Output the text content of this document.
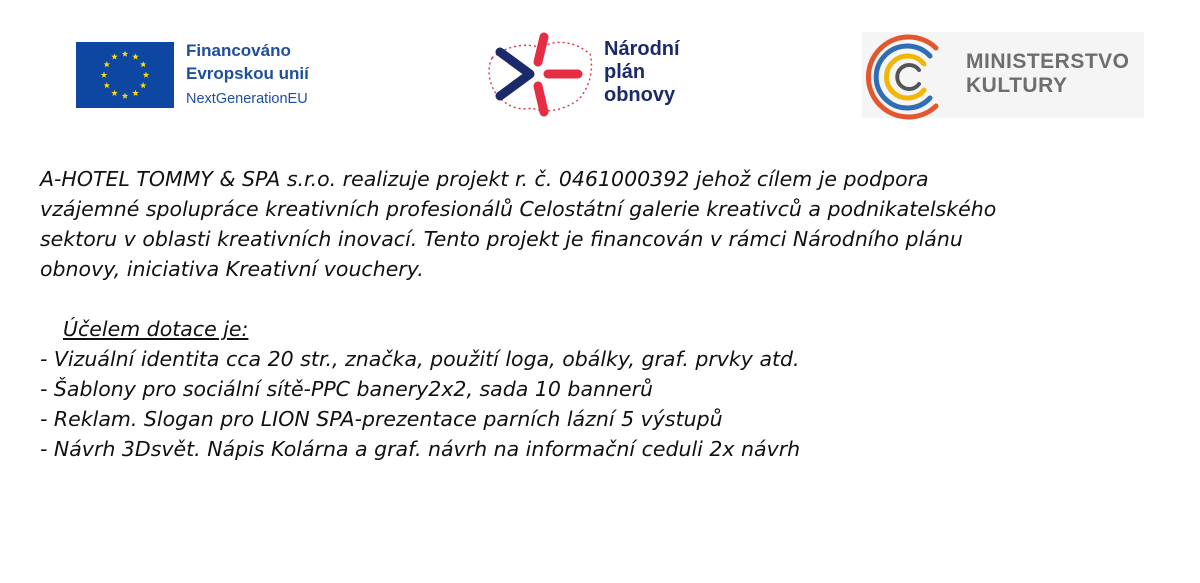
Financováno
Evropskou unií
NextGenerationEU
Národní
plán
obnovy
MINISTERSTVO
KULTURY

A-HOTEL TOMMY & SPA s.r.o. realizuje projekt r. č. 0461000392 jehož cílem je podpora

vzájemné spolupráce kreativních profesionálů Celostátní galerie kreativců a podnikatelského

sektoru v oblasti kreativních inovací. Tento projekt je financován v rámci Národního plánu

obnovy, iniciativa Kreativní vouchery.

Účelem dotace je:

- Vizuální identita cca 20 str., značka, použití loga, obálky, graf. prvky atd.

- Šablony pro sociální sítě-PPC banery2x2, sada 10 bannerů

- Reklam. Slogan pro LION SPA-prezentace parních lázní 5 výstupů

- Návrh 3Dsvět. Nápis Kolárna a graf. návrh na informační ceduli 2x návrh
